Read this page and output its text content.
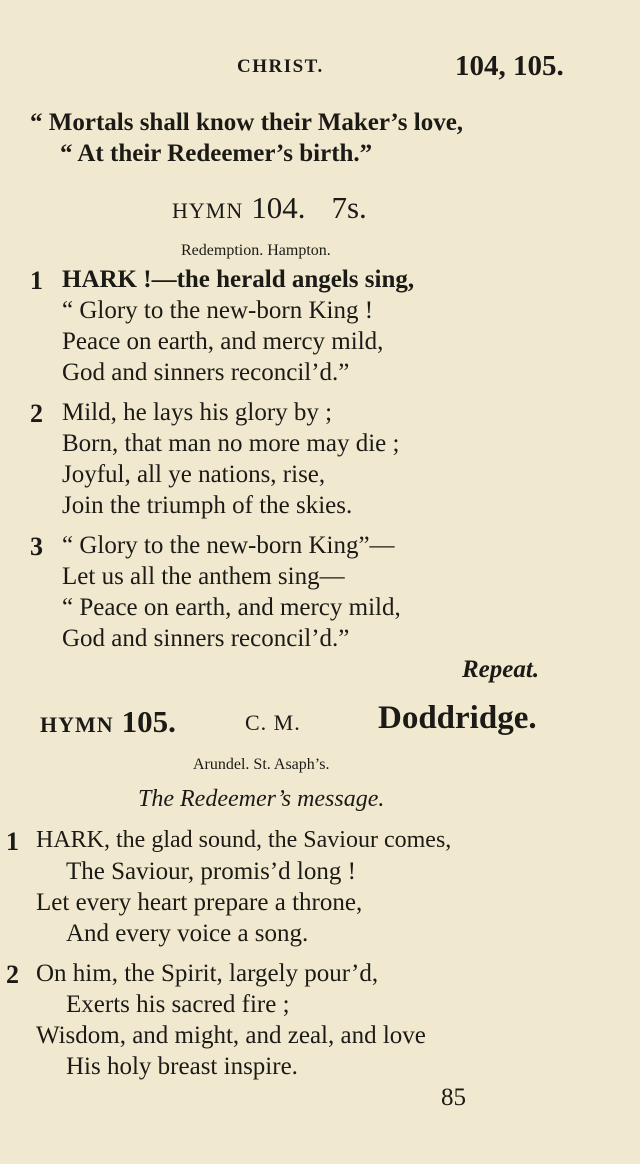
CHRIST.	104, 105.
“ Mortals shall know their Maker’s love,
“ At their Redeemer’s birth.”
HYMN 104. 7s.
Redemption. Hampton.
1 HARK !—the herald angels sing,
“ Glory to the new-born King !
Peace on earth, and mercy mild,
God and sinners reconcil’d.”
2 Mild, he lays his glory by ;
Born, that man no more may die ;
Joyful, all ye nations, rise,
Join the triumph of the skies.
3 “ Glory to the new-born King”—
Let us all the anthem sing—
“ Peace on earth, and mercy mild,
God and sinners reconcil’d.”
Repeat.
HYMN 105.	C. M. Doddridge.
Arundel. St. Asaph’s.
The Redeemer’s message.
1 HARK, the glad sound, the Saviour comes,
The Saviour, promis’d long !
Let every heart prepare a throne,
And every voice a song.
2 On him, the Spirit, largely pour’d,
Exerts his sacred fire ;
Wisdom, and might, and zeal, and love
His holy breast inspire.
85
